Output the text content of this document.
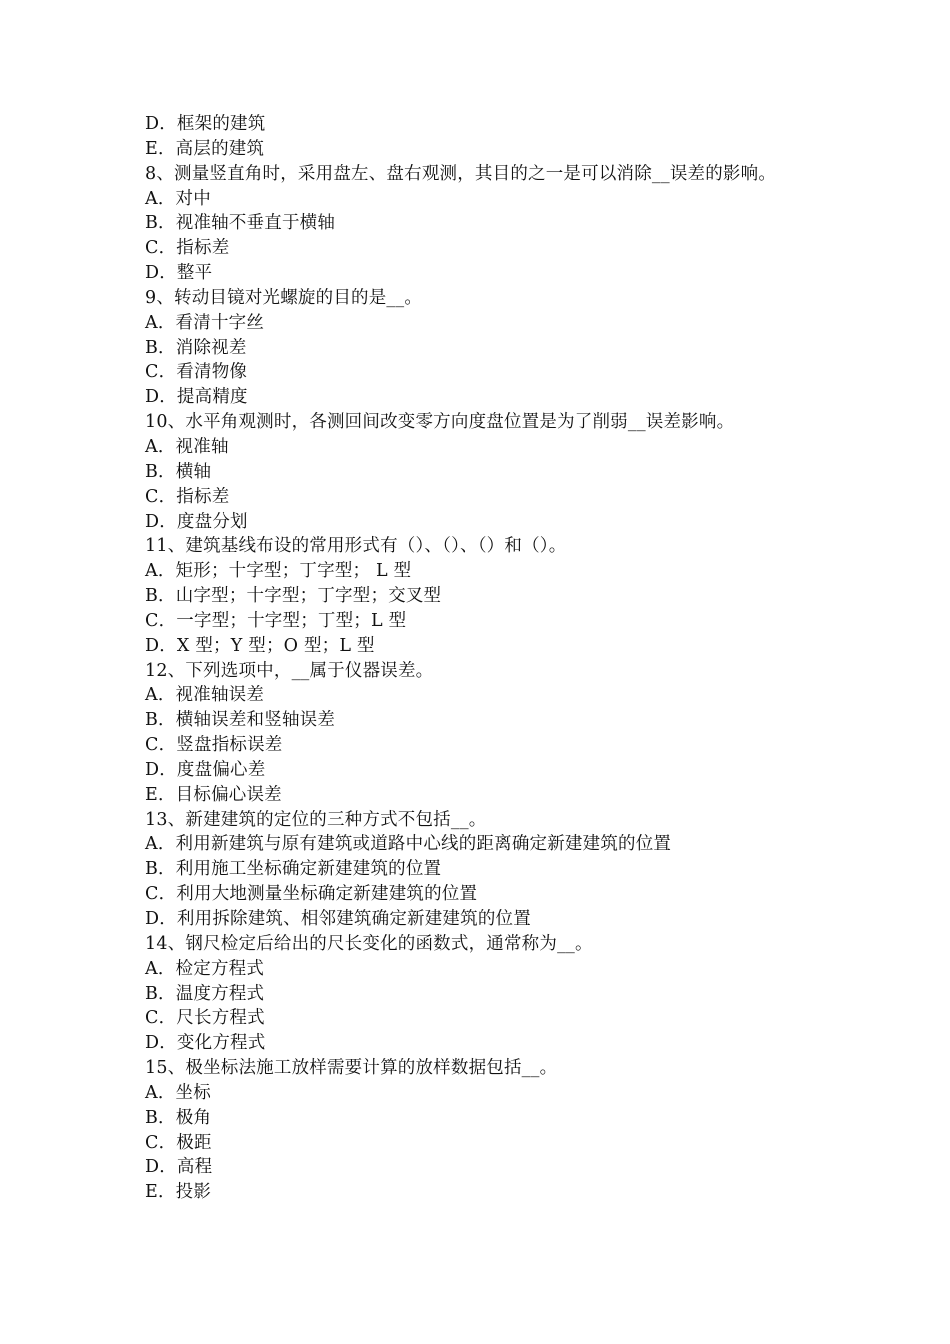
D．框架的建筑
E．高层的建筑
8、测量竖直角时，采用盘左、盘右观测，其目的之一是可以消除__误差的影响。
A．对中
B．视准轴不垂直于横轴
C．指标差
D．整平
9、转动目镜对光螺旋的目的是__。
A．看清十字丝
B．消除视差
C．看清物像
D．提高精度
10、水平角观测时，各测回间改变零方向度盘位置是为了削弱__误差影响。
A．视准轴
B．横轴
C．指标差
D．度盘分划
11、建筑基线布设的常用形式有（）、（）、（）和（）。
A．矩形；十字型；丁字型； L 型
B．山字型；十字型；丁字型；交叉型
C．一字型；十字型；丁型；L 型
D．X 型；Y 型；O 型；L 型
12、下列选项中，__属于仪器误差。
A．视准轴误差
B．横轴误差和竖轴误差
C．竖盘指标误差
D．度盘偏心差
E．目标偏心误差
13、新建建筑的定位的三种方式不包括__。
A．利用新建筑与原有建筑或道路中心线的距离确定新建建筑的位置
B．利用施工坐标确定新建建筑的位置
C．利用大地测量坐标确定新建建筑的位置
D．利用拆除建筑、相邻建筑确定新建建筑的位置
14、钢尺检定后给出的尺长变化的函数式，通常称为__。
A．检定方程式
B．温度方程式
C．尺长方程式
D．变化方程式
15、极坐标法施工放样需要计算的放样数据包括__。
A．坐标
B．极角
C．极距
D．高程
E．投影
